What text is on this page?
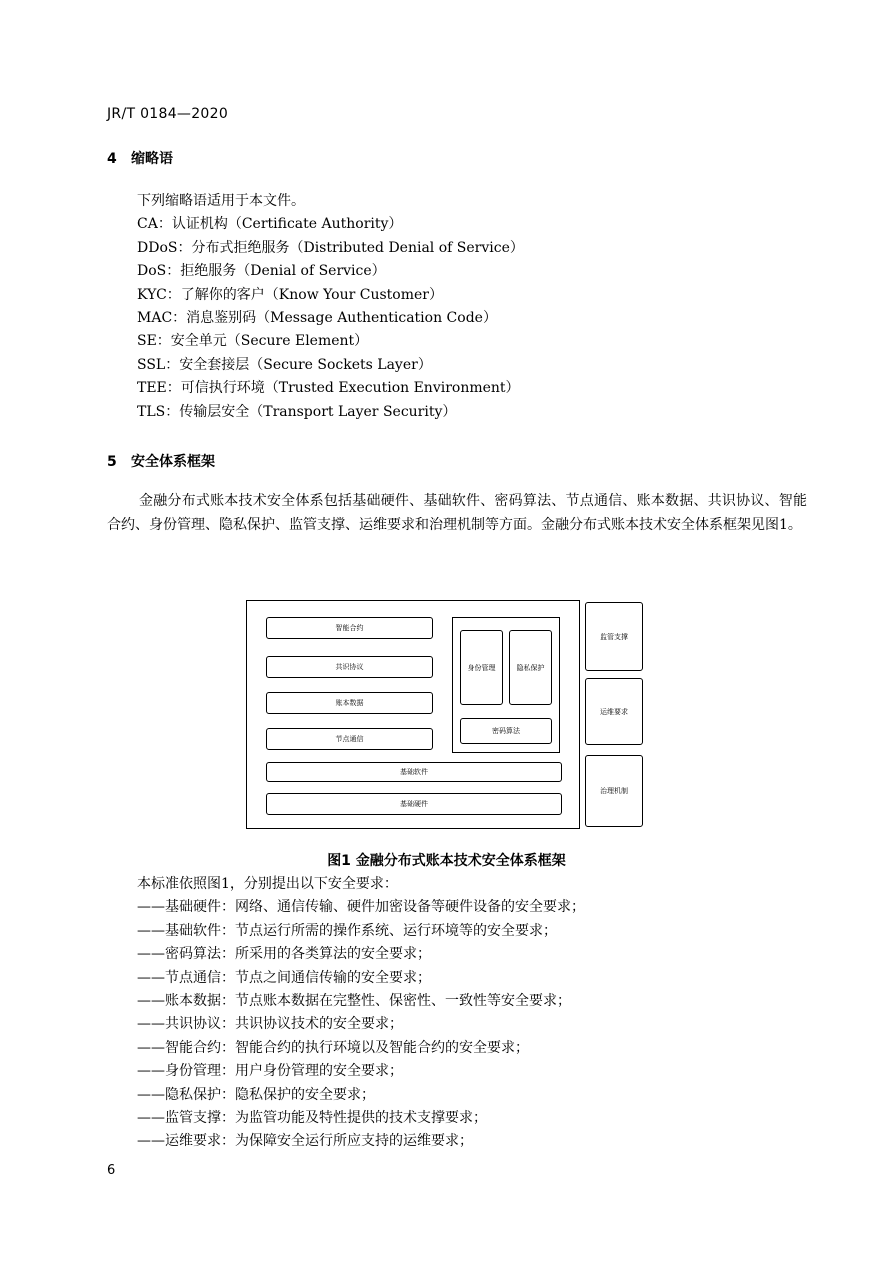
JR/T 0184—2020
4 缩略语
下列缩略语适用于本文件。
CA：认证机构（Certificate Authority）
DDoS：分布式拒绝服务（Distributed Denial of Service）
DoS：拒绝服务（Denial of Service）
KYC：了解你的客户（Know Your Customer）
MAC：消息鉴别码（Message Authentication Code）
SE：安全单元（Secure Element）
SSL：安全套接层（Secure Sockets Layer）
TEE：可信执行环境（Trusted Execution Environment）
TLS：传输层安全（Transport Layer Security）
5 安全体系框架
金融分布式账本技术安全体系包括基础硬件、基础软件、密码算法、节点通信、账本数据、共识协议、智能合约、身份管理、隐私保护、监管支撑、运维要求和治理机制等方面。金融分布式账本技术安全体系框架见图1。
智能合约
共识协议
账本数据
节点通信
身份管理	隐私保护
密码算法
基础软件
基础硬件
监管支撑
运维要求
治理机制
图1 金融分布式账本技术安全体系框架
本标准依照图1，分别提出以下安全要求：
——基础硬件：网络、通信传输、硬件加密设备等硬件设备的安全要求；
——基础软件：节点运行所需的操作系统、运行环境等的安全要求；
——密码算法：所采用的各类算法的安全要求；
——节点通信：节点之间通信传输的安全要求；
——账本数据：节点账本数据在完整性、保密性、一致性等安全要求；
——共识协议：共识协议技术的安全要求；
——智能合约：智能合约的执行环境以及智能合约的安全要求；
——身份管理：用户身份管理的安全要求；
——隐私保护：隐私保护的安全要求；
——监管支撑：为监管功能及特性提供的技术支撑要求；
——运维要求：为保障安全运行所应支持的运维要求；
6
